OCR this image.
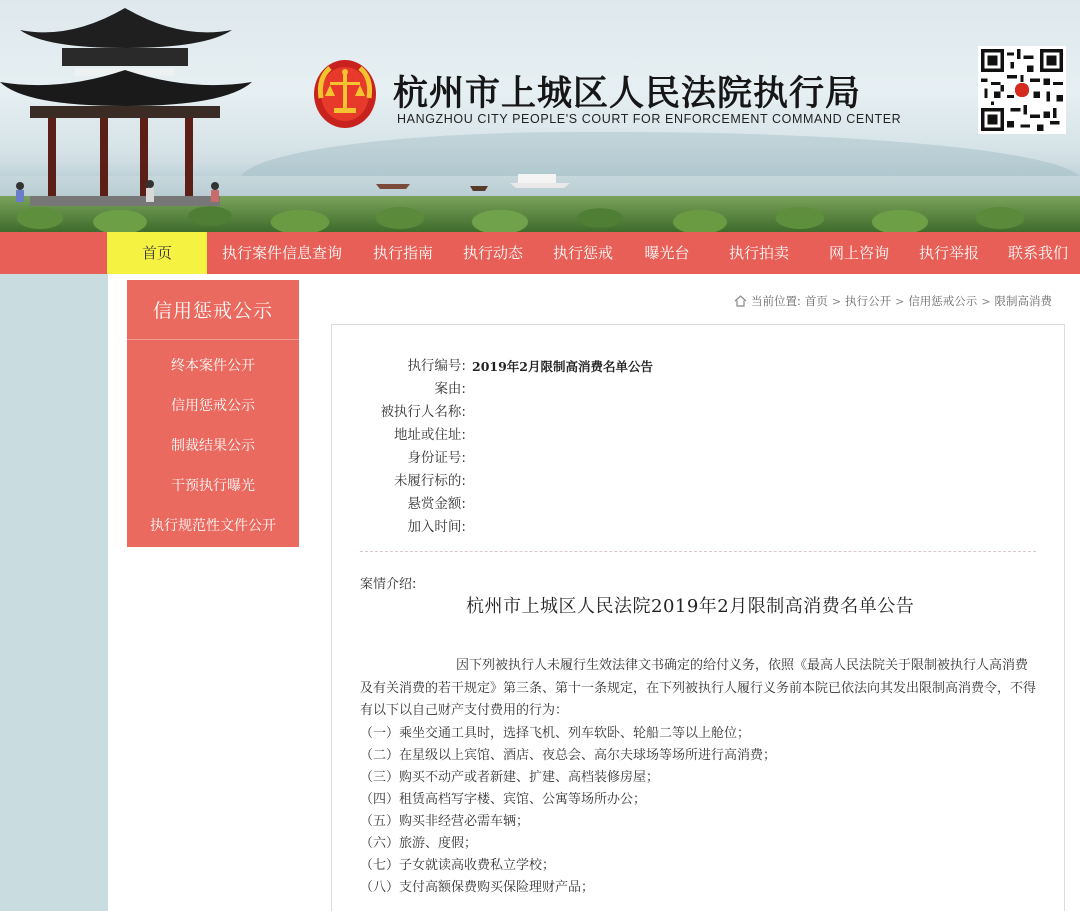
杭州市上城区人民法院执行局
HANGZHOU CITY PEOPLE'S COURT FOR ENFORCEMENT COMMAND CENTER
首页	执行案件信息查询	执行指南	执行动态	执行惩戒	曝光台	执行拍卖	网上咨询	执行举报	联系我们
信用惩戒公示
终本案件公开
信用惩戒公示
制裁结果公示
干预执行曝光
执行规范性文件公开
当前位置: 首页 > 执行公开 > 信用惩戒公示 > 限制高消费
执行编号: 2019年2月限制高消费名单公告
案由:
被执行人名称:
地址或住址:
身份证号:
未履行标的:
悬赏金额:
加入时间:
案情介绍:
杭州市上城区人民法院2019年2月限制高消费名单公告

因下列被执行人未履行生效法律文书确定的给付义务，依照《最高人民法院关于限制被执行人高消费及有关消费的若干规定》第三条、第十一条规定，在下列被执行人履行义务前本院已依法向其发出限制高消费令，不得有以下以自己财产支付费用的行为：

（一）乘坐交通工具时，选择飞机、列车软卧、轮船二等以上舱位；

（二）在星级以上宾馆、酒店、夜总会、高尔夫球场等场所进行高消费；

（三）购买不动产或者新建、扩建、高档装修房屋；

（四）租赁高档写字楼、宾馆、公寓等场所办公；

（五）购买非经营必需车辆；

（六）旅游、度假；

（七）子女就读高收费私立学校；

（八）支付高额保费购买保险理财产品；
